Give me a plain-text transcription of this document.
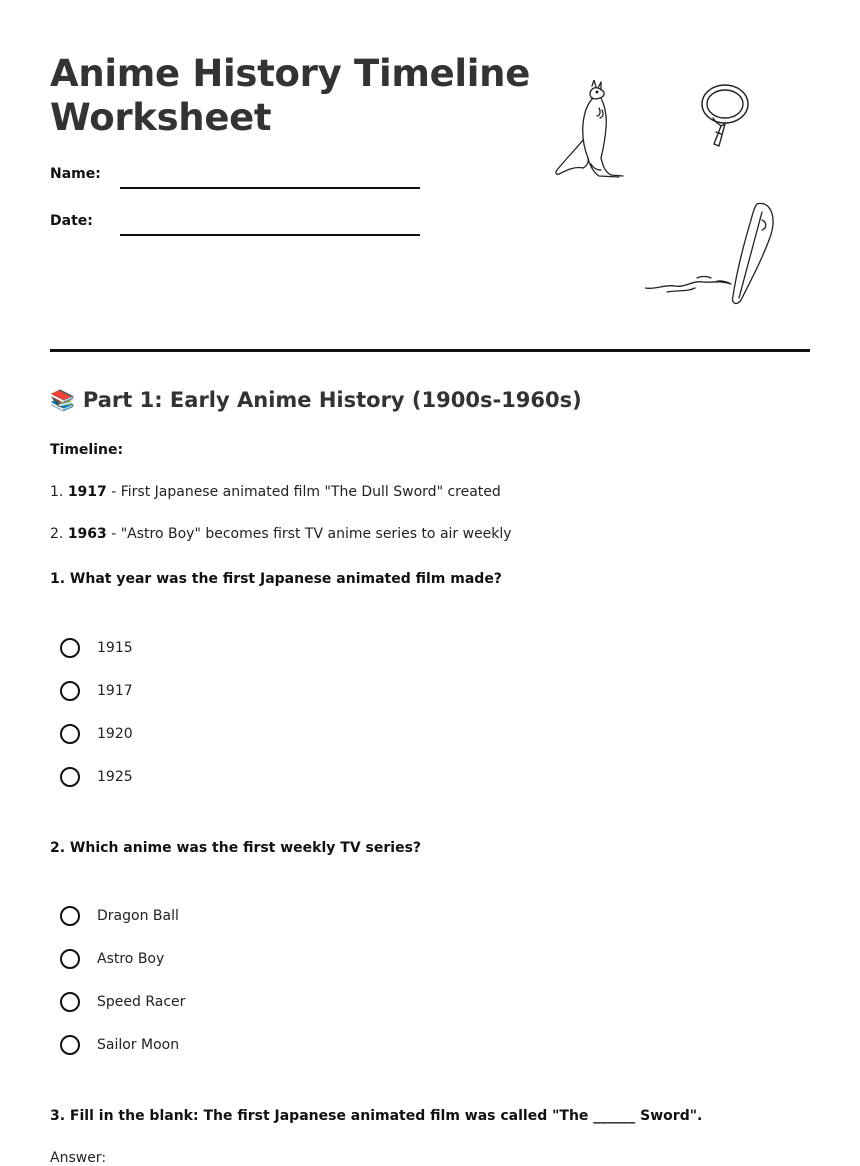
Anime History Timeline Worksheet
Name:
Date:
📚 Part 1: Early Anime History (1900s-1960s)
Timeline:
1. 1917 - First Japanese animated film "The Dull Sword" created
2. 1963 - "Astro Boy" becomes first TV anime series to air weekly
1. What year was the first Japanese animated film made?
1915
1917
1920
1925
2. Which anime was the first weekly TV series?
Dragon Ball
Astro Boy
Speed Racer
Sailor Moon
3. Fill in the blank: The first Japanese animated film was called "The ______ Sword".
Answer:
